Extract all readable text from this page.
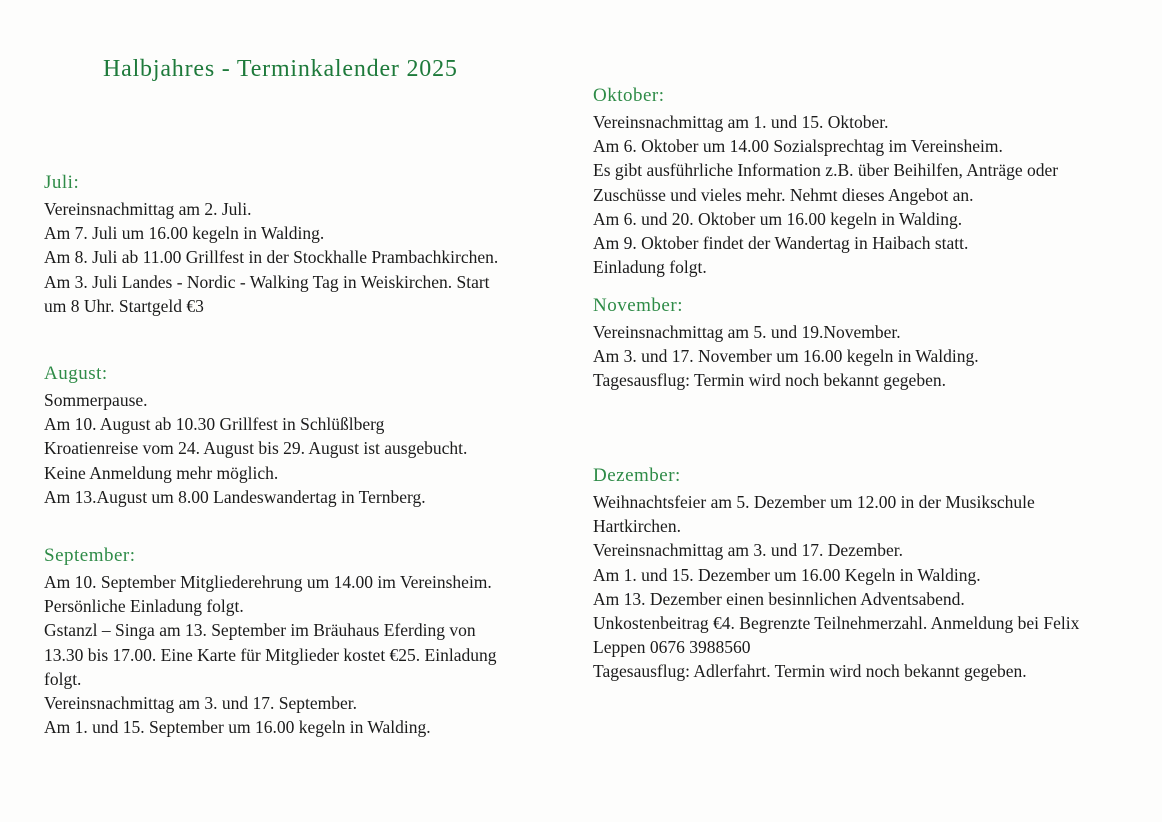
Halbjahres - Terminkalender 2025
Juli:
Vereinsnachmittag am 2. Juli.
Am 7. Juli um 16.00 kegeln in Walding.
Am 8. Juli ab 11.00 Grillfest in der Stockhalle Prambachkirchen.
Am 3. Juli Landes - Nordic - Walking Tag in Weiskirchen. Start
um 8 Uhr. Startgeld €3
August:
Sommerpause.
Am 10. August ab 10.30 Grillfest in Schlüßlberg
Kroatienreise vom 24. August bis 29. August ist ausgebucht.
Keine Anmeldung mehr möglich.
Am 13.August um 8.00 Landeswandertag in Ternberg.
September:
Am 10. September Mitgliederehrung um 14.00 im Vereinsheim.
Persönliche Einladung folgt.
Gstanzl – Singa am 13. September im Bräuhaus Eferding von
13.30 bis 17.00. Eine Karte für Mitglieder kostet €25. Einladung
folgt.
Vereinsnachmittag am 3. und 17. September.
Am 1. und 15. September um 16.00 kegeln in Walding.
Oktober:
Vereinsnachmittag am 1. und 15. Oktober.
Am 6. Oktober um 14.00 Sozialsprechtag im Vereinsheim.
Es gibt ausführliche Information z.B. über Beihilfen, Anträge oder
Zuschüsse und vieles mehr. Nehmt dieses Angebot an.
Am 6. und 20. Oktober um 16.00 kegeln in Walding.
Am 9. Oktober findet der Wandertag in Haibach statt.
Einladung folgt.
November:
Vereinsnachmittag am 5. und 19.November.
Am 3. und 17. November um 16.00 kegeln in Walding.
Tagesausflug: Termin wird noch bekannt gegeben.
Dezember:
Weihnachtsfeier am 5. Dezember um 12.00 in der Musikschule
Hartkirchen.
Vereinsnachmittag am 3. und 17. Dezember.
Am 1. und 15. Dezember um 16.00 Kegeln in Walding.
Am 13. Dezember einen besinnlichen Adventsabend.
Unkostenbeitrag €4. Begrenzte Teilnehmerzahl. Anmeldung bei Felix
Leppen 0676 3988560
Tagesausflug: Adlerfahrt. Termin wird noch bekannt gegeben.
